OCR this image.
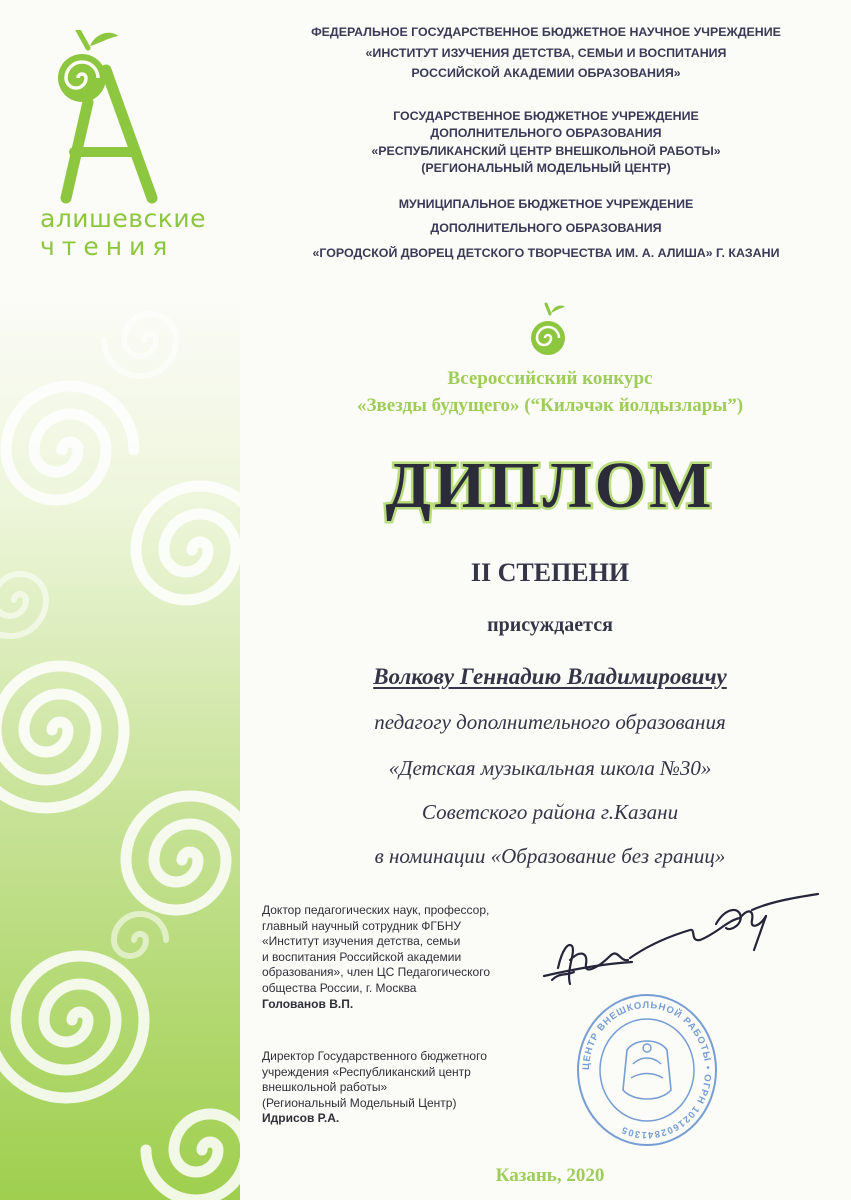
алишевские
чтения
ФЕДЕРАЛЬНОЕ ГОСУДАРСТВЕННОЕ БЮДЖЕТНОЕ НАУЧНОЕ УЧРЕЖДЕНИЕ
«ИНСТИТУТ ИЗУЧЕНИЯ ДЕТСТВА, СЕМЬИ И ВОСПИТАНИЯ
РОССИЙСКОЙ АКАДЕМИИ ОБРАЗОВАНИЯ»
ГОСУДАРСТВЕННОЕ БЮДЖЕТНОЕ УЧРЕЖДЕНИЕ
ДОПОЛНИТЕЛЬНОГО ОБРАЗОВАНИЯ
«РЕСПУБЛИКАНСКИЙ ЦЕНТР ВНЕШКОЛЬНОЙ РАБОТЫ»
(РЕГИОНАЛЬНЫЙ МОДЕЛЬНЫЙ ЦЕНТР)
МУНИЦИПАЛЬНОЕ БЮДЖЕТНОЕ УЧРЕЖДЕНИЕ
ДОПОЛНИТЕЛЬНОГО ОБРАЗОВАНИЯ
«ГОРОДСКОЙ ДВОРЕЦ ДЕТСКОГО ТВОРЧЕСТВА ИМ. А. АЛИША» Г. КАЗАНИ
Всероссийский конкурс
«Звезды будущего» (“Киләчәк йолдызлары”)
ДИПЛОМ
II СТЕПЕНИ
присуждается
Волкову Геннадию Владимировичу
педагогу дополнительного образования
«Детская музыкальная школа №30»
Советского района г.Казани
в номинации «Образование без границ»
Доктор педагогических наук, профессор,
главный научный сотрудник ФГБНУ
«Институт изучения детства, семьи
и воспитания Российской академии
образования», член ЦС Педагогического
общества России, г. Москва
Голованов В.П.
Директор Государственного бюджетного
учреждения «Республиканский центр
внешкольной работы»
(Региональный Модельный Центр)
Идрисов Р.А.
ЦЕНТР ВНЕШКОЛЬНОЙ РАБОТЫ • ОГРН 1021602841305
Казань, 2020
